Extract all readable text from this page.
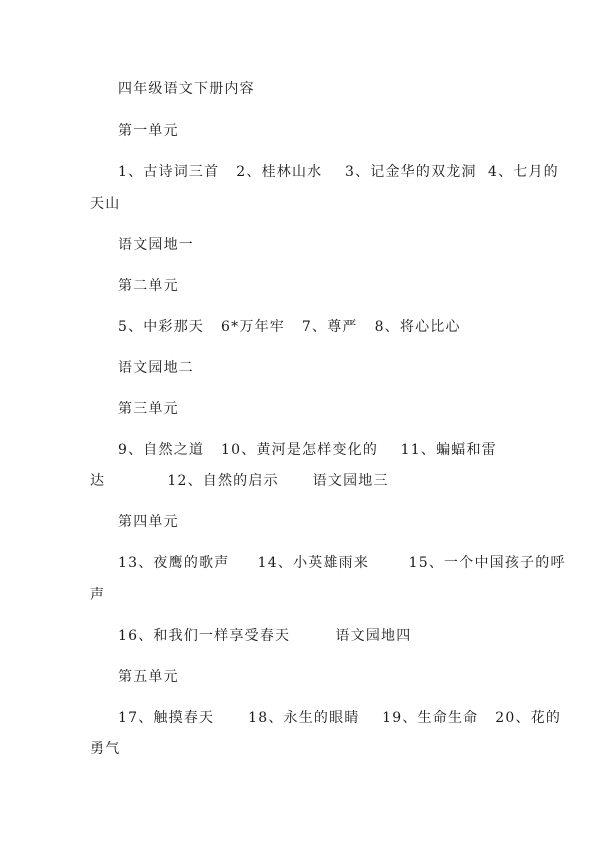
四年级语文下册内容
第一单元
1、古诗词三首   2、桂林山水    3、记金华的双龙洞  4、七月的
天山
语文园地一
第二单元
5、中彩那天   6*万年牢   7、尊严   8、将心比心
语文园地二
第三单元
9、自然之道   10、黄河是怎样变化的    11、蝙蝠和雷
达           12、自然的启示      语文园地三
第四单元
13、夜鹰的歌声     14、小英雄雨来       15、一个中国孩子的呼
声
16、和我们一样享受春天        语文园地四
第五单元
17、触摸春天      18、永生的眼睛    19、生命生命   20、花的
勇气
